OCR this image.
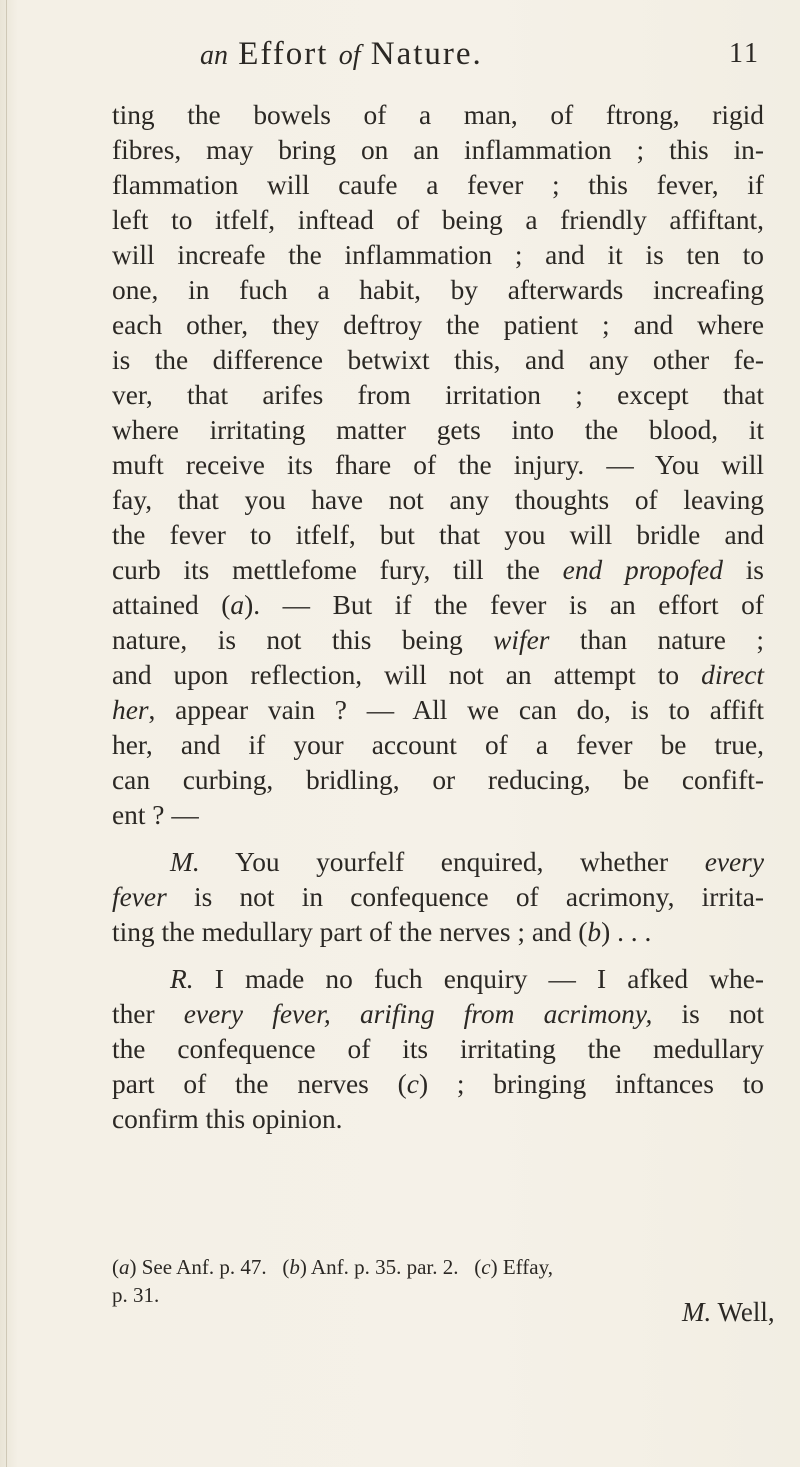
an Effort of Nature.	11
ting the bowels of a man, of ftrong, rigid
fibres, may bring on an inflammation ; this in-
flammation will caufe a fever ; this fever, if
left to itfelf, inftead of being a friendly affiftant,
will increafe the inflammation ; and it is ten to
one, in fuch a habit, by afterwards increafing
each other, they deftroy the patient ; and where
is the difference betwixt this, and any other fe-
ver, that arifes from irritation ; except that
where irritating matter gets into the blood, it
muft receive its fhare of the injury. — You will
fay, that you have not any thoughts of leaving
the fever to itfelf, but that you will bridle and
curb its mettlefome fury, till the end propofed is
attained (a). — But if the fever is an effort of
nature, is not this being wifer than nature ;
and upon reflection, will not an attempt to direct
her, appear vain ? — All we can do, is to affift
her, and if your account of a fever be true,
can curbing, bridling, or reducing, be confift-
ent ? —
M. You yourfelf enquired, whether every
fever is not in confequence of acrimony, irrita-
ting the medullary part of the nerves ; and (b) . . .
R. I made no fuch enquiry — I afked whe-
ther every fever, arifing from acrimony, is not
the confequence of its irritating the medullary
part of the nerves (c) ; bringing inftances to
confirm this opinion.
(a) See Anf. p. 47.   (b) Anf. p. 35. par. 2.   (c) Effay,
p. 31.
M. Well,
